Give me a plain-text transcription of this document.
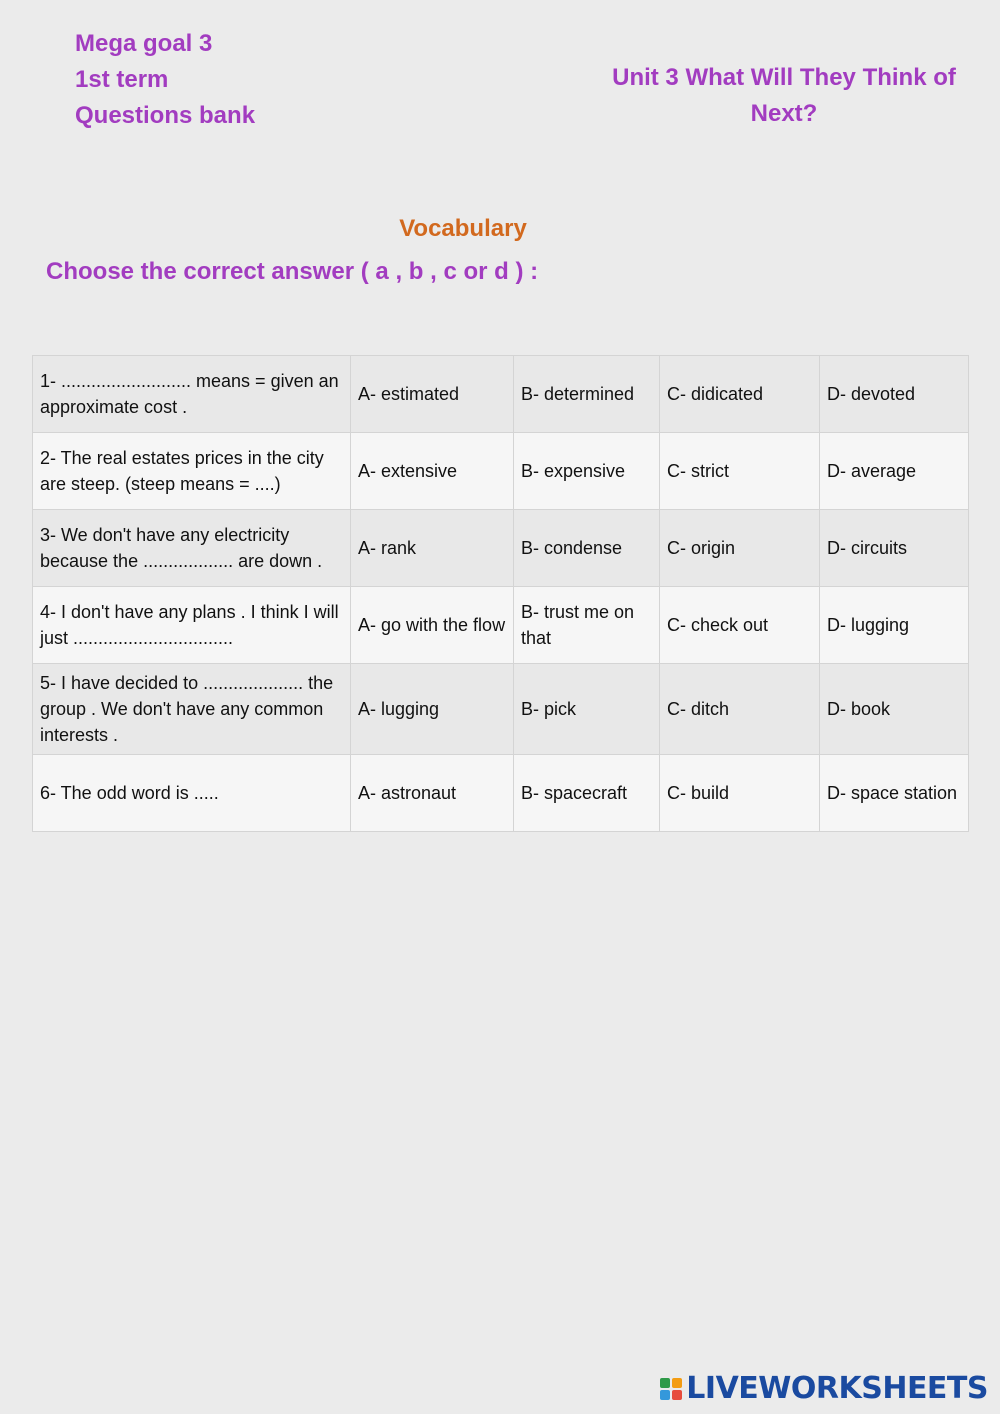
Mega goal 3
1st term
Questions bank
Unit 3 What Will They Think of Next?
Vocabulary
Choose the correct answer ( a , b , c or d ) :
1- .......................... means = given an approximate cost .	A- estimated	B- determined	C- didicated	D- devoted
2- The real estates prices in the city are steep. (steep means = ....)	A- extensive	B- expensive	C- strict	D- average
3- We don't have any electricity because the .................. are down .	A- rank	B- condense	C- origin	D- circuits
4- I don't have any plans . I think I will just ................................	A- go with the flow	B- trust me on that	C- check out	D- lugging
5- I have decided to .................... the group . We don't have any common interests .	A- lugging	B- pick	C- ditch	D- book
6- The odd word is .....	A- astronaut	B- spacecraft	C- build	D- space station
LIVEWORKSHEETS
